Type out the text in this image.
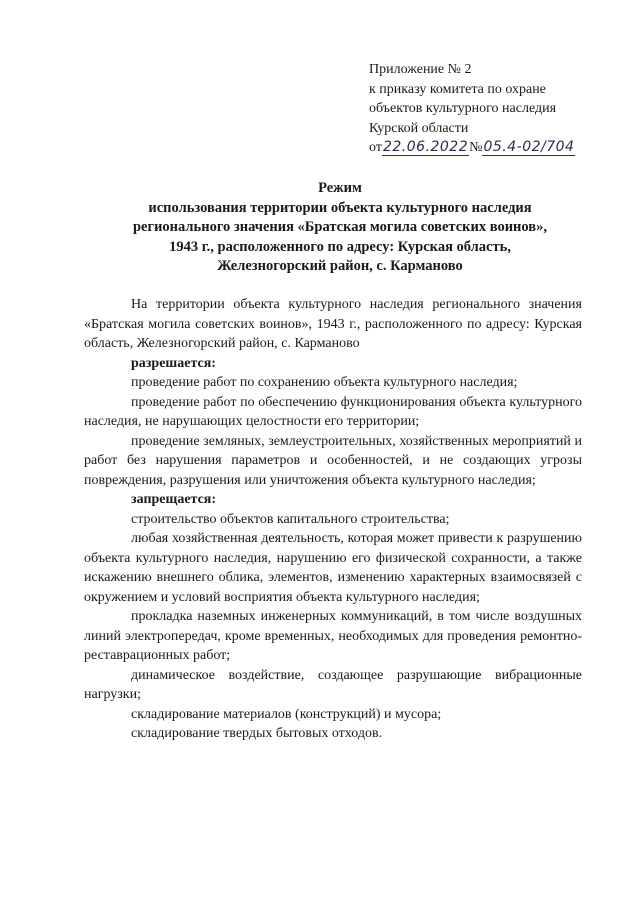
Приложение № 2
к приказу комитета по охране
объектов культурного наследия
Курской области
от22.06.2022№05.4-02/704
Режим
использования территории объекта культурного наследия
регионального значения «Братская могила советских воинов»,
1943 г., расположенного по адресу: Курская область,
Железногорский район, с. Карманово

На территории объекта культурного наследия регионального значения «Братская могила советских воинов», 1943 г., расположенного по адресу: Курская область, Железногорский район, с. Карманово

разрешается:

проведение работ по сохранению объекта культурного наследия;

проведение работ по обеспечению функционирования объекта культурного наследия, не нарушающих целостности его территории;

проведение земляных, землеустроительных, хозяйственных мероприятий и работ без нарушения параметров и особенностей, и не создающих угрозы повреждения, разрушения или уничтожения объекта культурного наследия;

запрещается:

строительство объектов капитального строительства;

любая хозяйственная деятельность, которая может привести к разрушению объекта культурного наследия, нарушению его физической сохранности, а также искажению внешнего облика, элементов, изменению характерных взаимосвязей с окружением и условий восприятия объекта культурного наследия;

прокладка наземных инженерных коммуникаций, в том числе воздушных линий электропередач, кроме временных, необходимых для проведения ремонтно-реставрационных работ;

динамическое воздействие, создающее разрушающие вибрационные нагрузки;

складирование материалов (конструкций) и мусора;

складирование твердых бытовых отходов.
